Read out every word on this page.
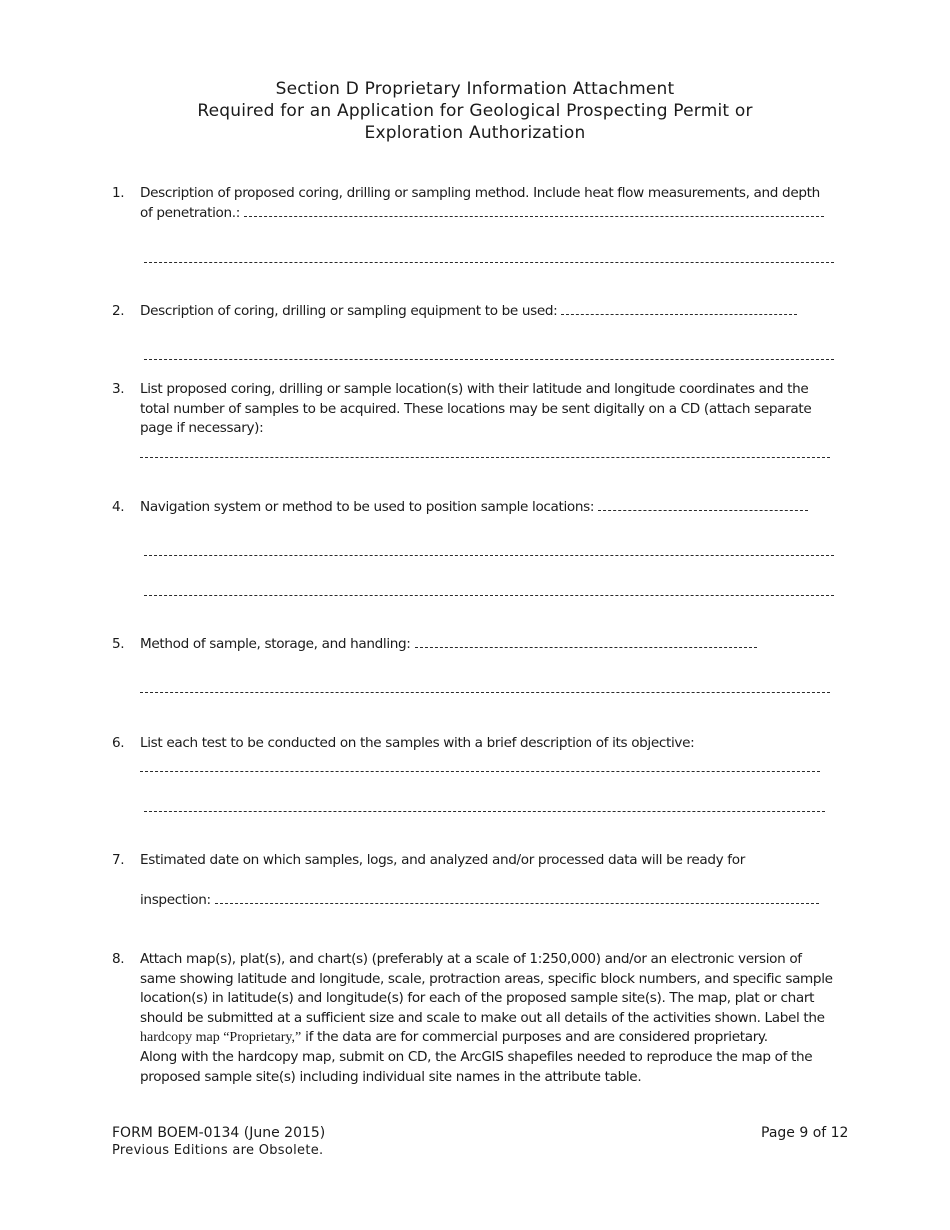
Section D Proprietary Information Attachment
Required for an Application for Geological Prospecting Permit or
Exploration Authorization
1. Description of proposed coring, drilling or sampling method. Include heat flow measurements, and depth
of penetration.:
2. Description of coring, drilling or sampling equipment to be used:
3. List proposed coring, drilling or sample location(s) with their latitude and longitude coordinates and the
total number of samples to be acquired. These locations may be sent digitally on a CD (attach separate
page if necessary):
4. Navigation system or method to be used to position sample locations:
5. Method of sample, storage, and handling:
6. List each test to be conducted on the samples with a brief description of its objective:
7. Estimated date on which samples, logs, and analyzed and/or processed data will be ready for
inspection:
8. Attach map(s), plat(s), and chart(s) (preferably at a scale of 1:250,000) and/or an electronic version of
same showing latitude and longitude, scale, protraction areas, specific block numbers, and specific sample
location(s) in latitude(s) and longitude(s) for each of the proposed sample site(s). The map, plat or chart
should be submitted at a sufficient size and scale to make out all details of the activities shown. Label the
hardcopy map “Proprietary,” if the data are for commercial purposes and are considered proprietary.
Along with the hardcopy map, submit on CD, the ArcGIS shapefiles needed to reproduce the map of the
proposed sample site(s) including individual site names in the attribute table.
FORM BOEM-0134 (June 2015)
Previous Editions are Obsolete.
Page 9 of 12
